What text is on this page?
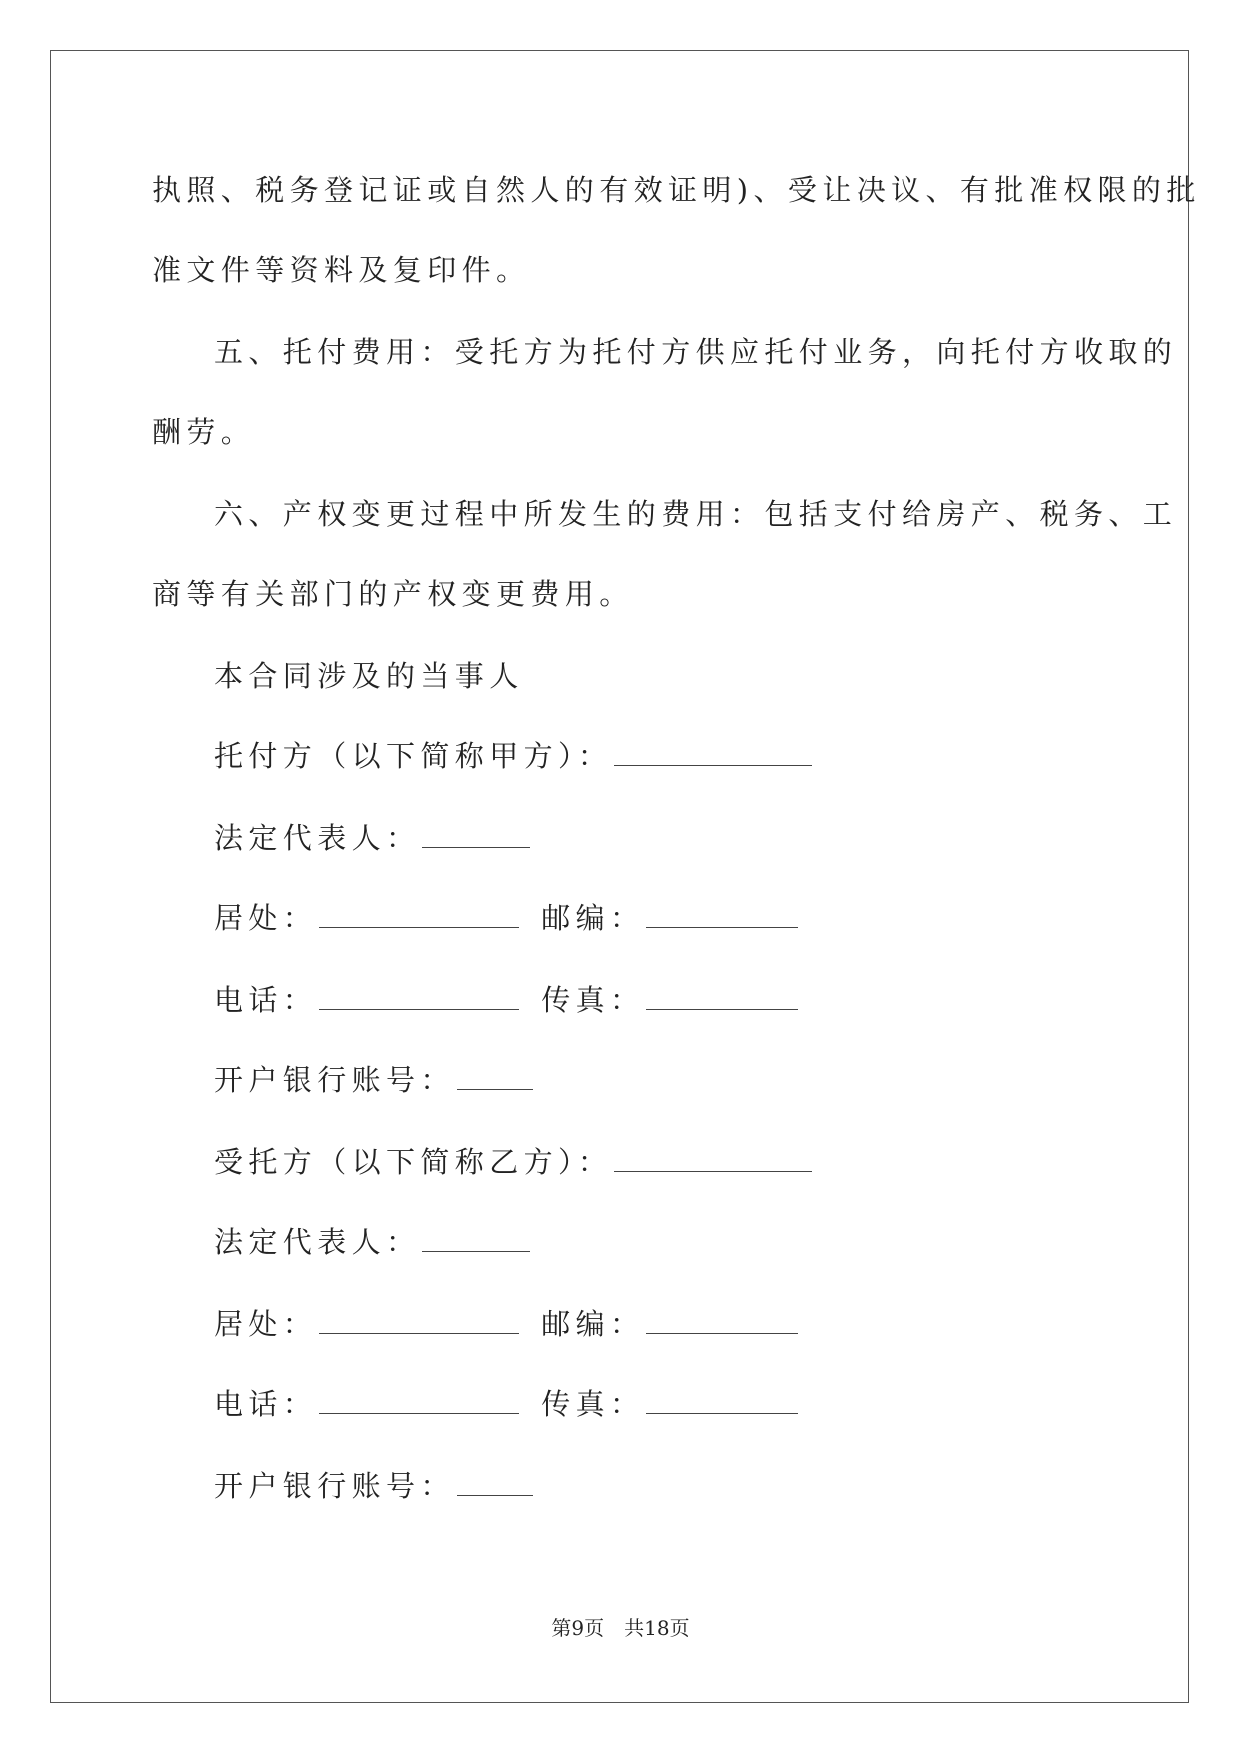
执照、税务登记证或自然人的有效证明)、受让决议、有批准权限的批
准文件等资料及复印件。
五、托付费用：受托方为托付方供应托付业务，向托付方收取的
酬劳。
六、产权变更过程中所发生的费用：包括支付给房产、税务、工
商等有关部门的产权变更费用。
本合同涉及的当事人
托付方（以下简称甲方）：
法定代表人：
居处：	邮编：
电话：	传真：
开户银行账号：
受托方（以下简称乙方）：
法定代表人：
居处：	邮编：
电话：	传真：
开户银行账号：
第9页 共18页
